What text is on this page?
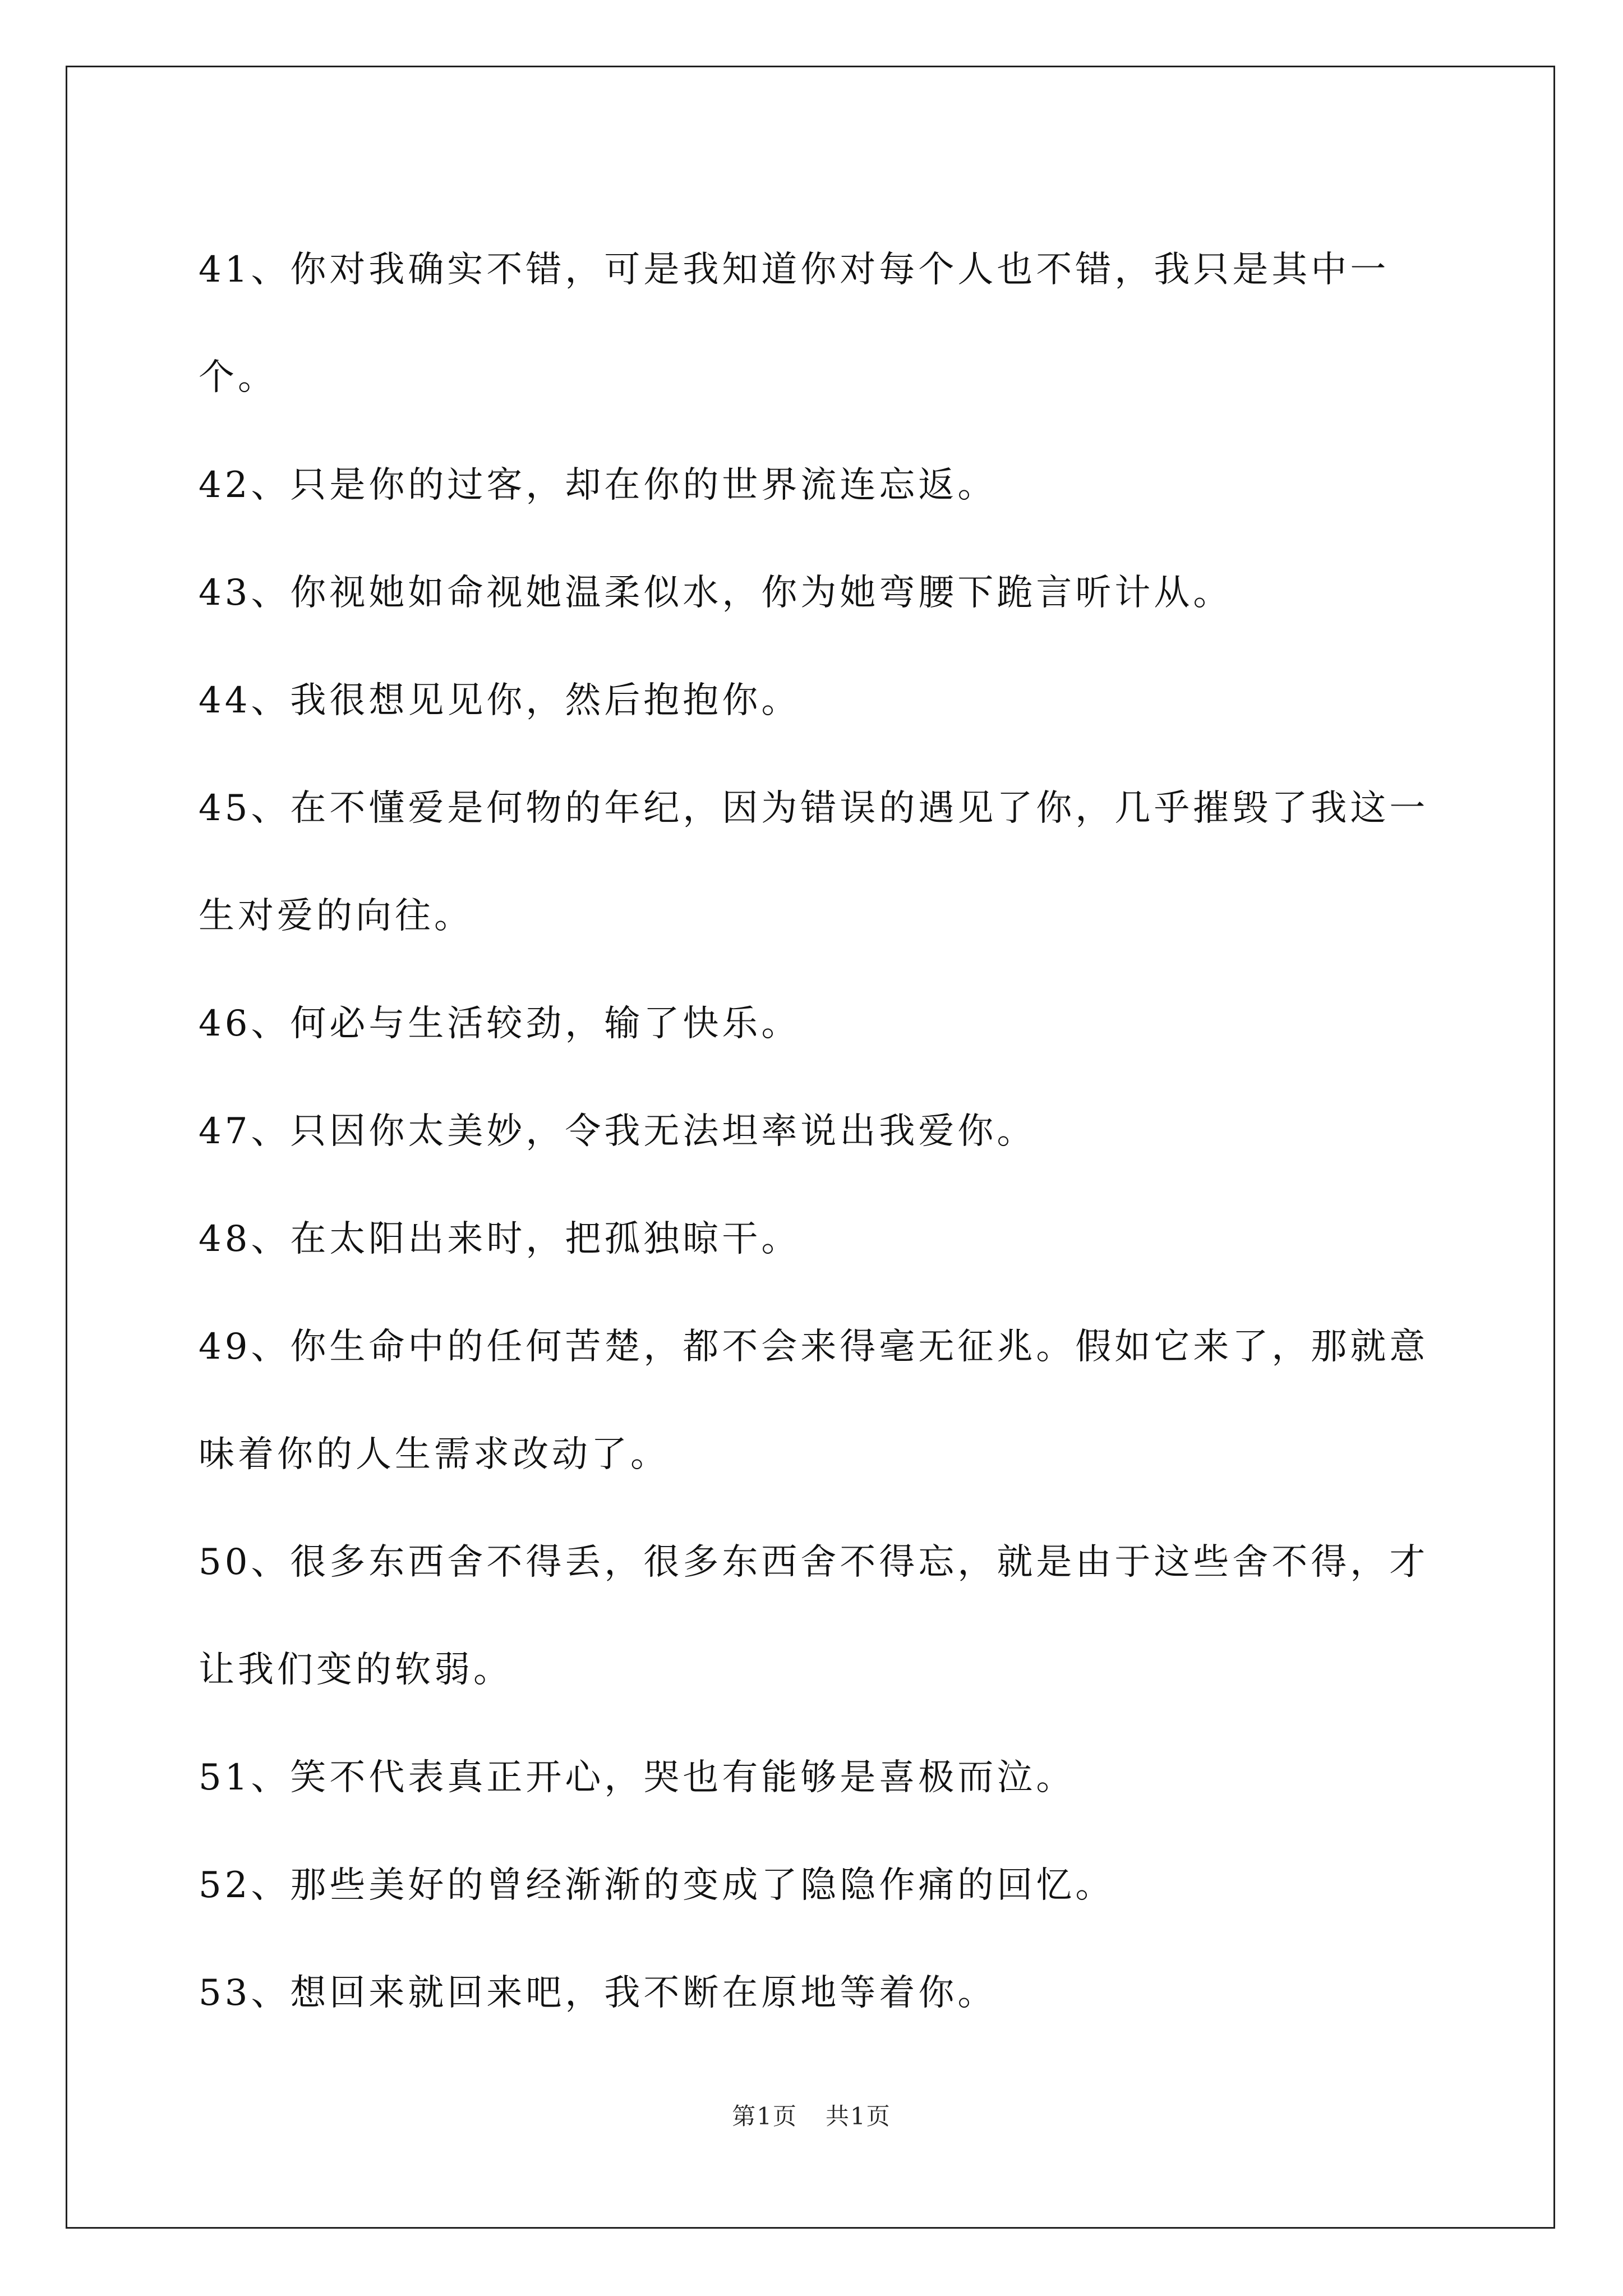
41、你对我确实不错，可是我知道你对每个人也不错，我只是其中一个。

42、只是你的过客，却在你的世界流连忘返。

43、你视她如命视她温柔似水，你为她弯腰下跪言听计从。

44、我很想见见你，然后抱抱你。

45、在不懂爱是何物的年纪，因为错误的遇见了你，几乎摧毁了我这一生对爱的向往。

46、何必与生活较劲，输了快乐。

47、只因你太美妙，令我无法坦率说出我爱你。

48、在太阳出来时，把孤独晾干。

49、你生命中的任何苦楚，都不会来得毫无征兆。假如它来了，那就意味着你的人生需求改动了。

50、很多东西舍不得丢，很多东西舍不得忘，就是由于这些舍不得，才让我们变的软弱。

51、笑不代表真正开心，哭也有能够是喜极而泣。

52、那些美好的曾经渐渐的变成了隐隐作痛的回忆。

53、想回来就回来吧，我不断在原地等着你。

第1页 共1页
